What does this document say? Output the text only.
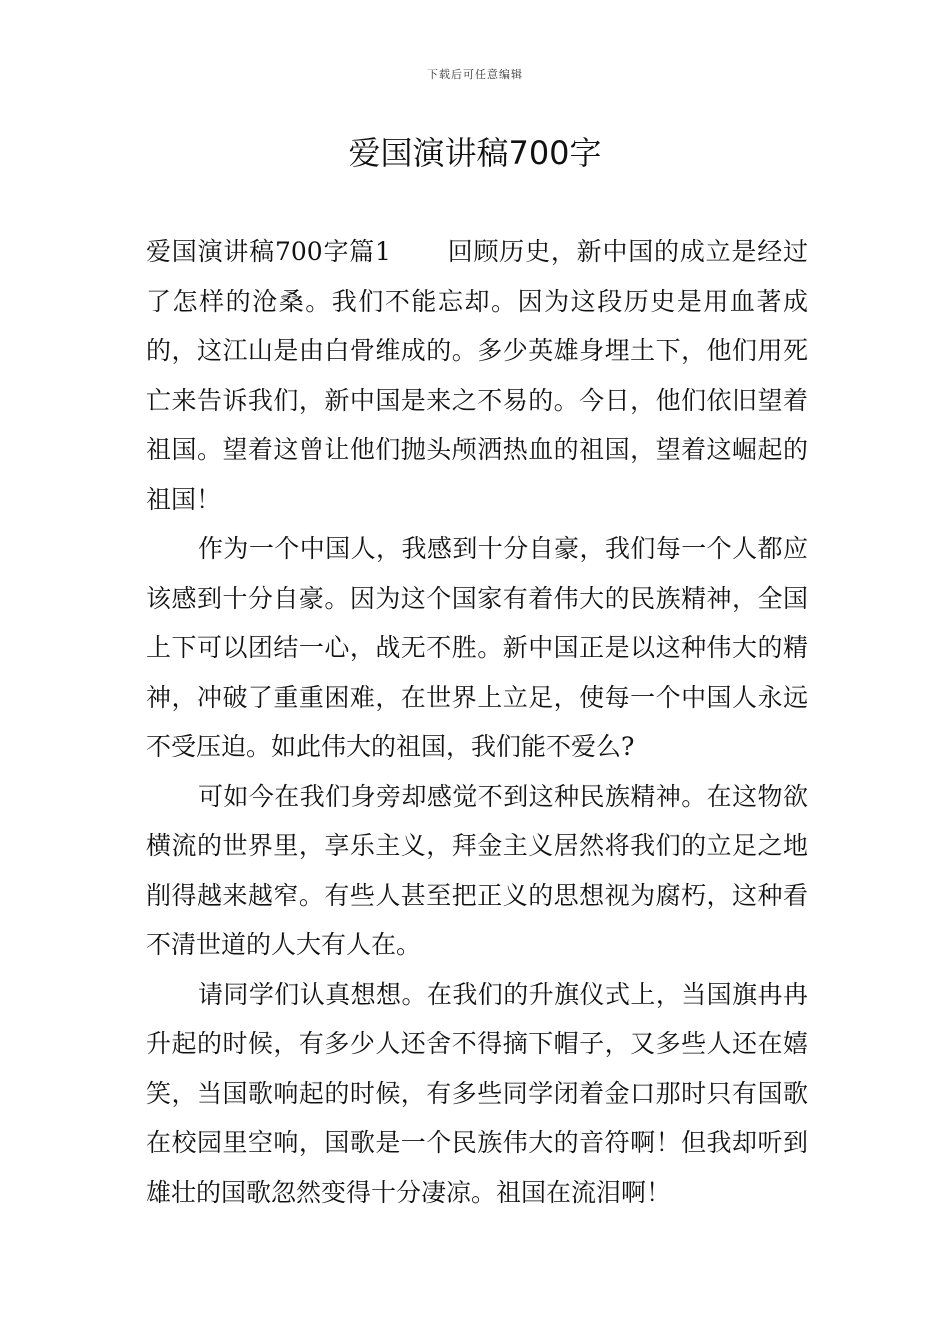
下载后可任意编辑
爱国演讲稿700字

爱国演讲稿700字篇1 回顾历史，新中国的成立是经过了怎样的沧桑。我们不能忘却。因为这段历史是用血著成的，这江山是由白骨维成的。多少英雄身埋土下，他们用死亡来告诉我们，新中国是来之不易的。今日，他们依旧望着祖国。望着这曾让他们抛头颅洒热血的祖国，望着这崛起的祖国！

作为一个中国人，我感到十分自豪，我们每一个人都应该感到十分自豪。因为这个国家有着伟大的民族精神，全国上下可以团结一心，战无不胜。新中国正是以这种伟大的精神，冲破了重重困难，在世界上立足，使每一个中国人永远不受压迫。如此伟大的祖国，我们能不爱么?

可如今在我们身旁却感觉不到这种民族精神。在这物欲横流的世界里，享乐主义，拜金主义居然将我们的立足之地削得越来越窄。有些人甚至把正义的思想视为腐朽，这种看不清世道的人大有人在。

请同学们认真想想。在我们的升旗仪式上，当国旗冉冉升起的时候，有多少人还舍不得摘下帽子，又多些人还在嬉笑，当国歌响起的时候，有多些同学闭着金口那时只有国歌在校园里空响，国歌是一个民族伟大的音符啊！但我却听到雄壮的国歌忽然变得十分凄凉。祖国在流泪啊！
